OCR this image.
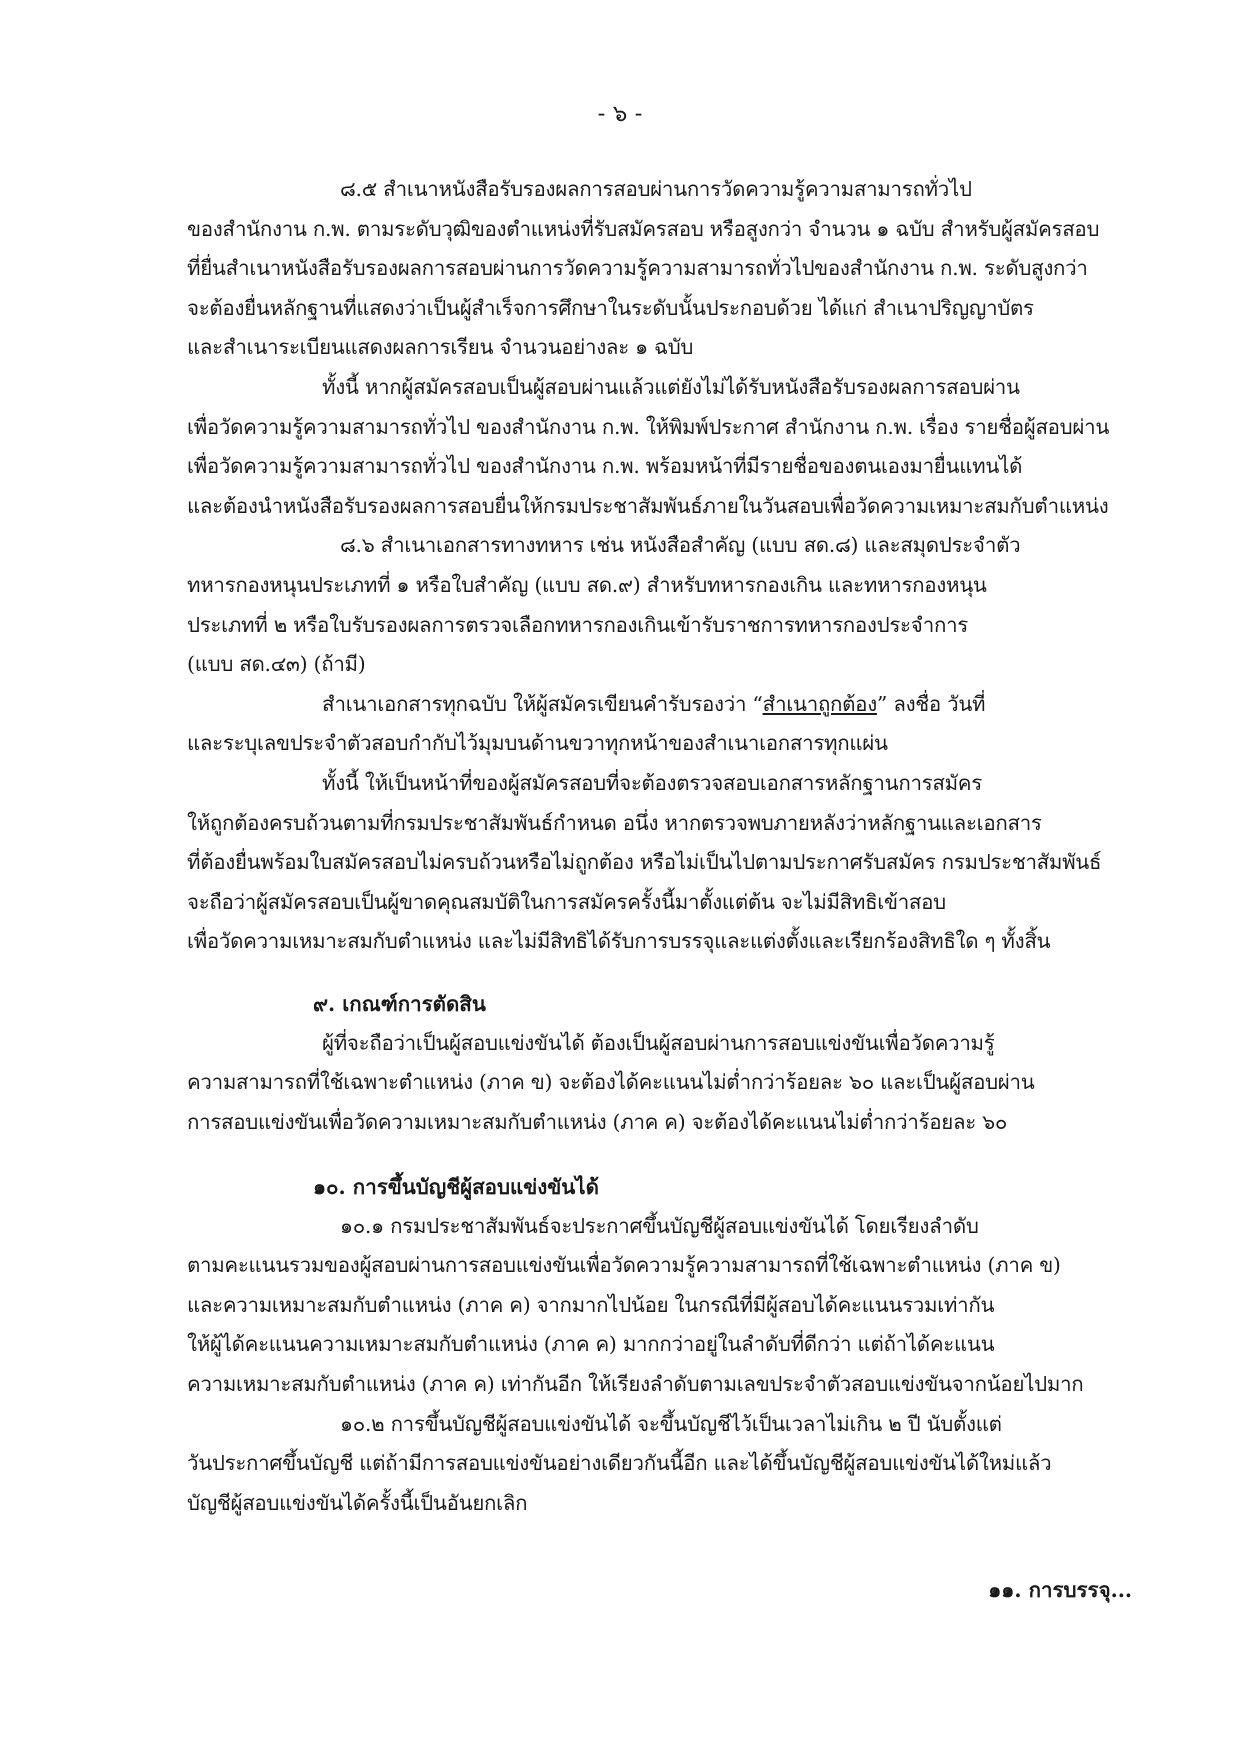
- ๖ -
๘.๕ สำเนาหนังสือรับรองผลการสอบผ่านการวัดความรู้ความสามารถทั่วไป
ของสำนักงาน ก.พ. ตามระดับวุฒิของตำแหน่งที่รับสมัครสอบ หรือสูงกว่า จำนวน ๑ ฉบับ สำหรับผู้สมัครสอบ
ที่ยื่นสำเนาหนังสือรับรองผลการสอบผ่านการวัดความรู้ความสามารถทั่วไปของสำนักงาน ก.พ. ระดับสูงกว่า
จะต้องยื่นหลักฐานที่แสดงว่าเป็นผู้สำเร็จการศึกษาในระดับนั้นประกอบด้วย ได้แก่ สำเนาปริญญาบัตร
และสำเนาระเบียนแสดงผลการเรียน จำนวนอย่างละ ๑ ฉบับ
ทั้งนี้ หากผู้สมัครสอบเป็นผู้สอบผ่านแล้วแต่ยังไม่ได้รับหนังสือรับรองผลการสอบผ่าน
เพื่อวัดความรู้ความสามารถทั่วไป ของสำนักงาน ก.พ. ให้พิมพ์ประกาศ สำนักงาน ก.พ. เรื่อง รายชื่อผู้สอบผ่าน
เพื่อวัดความรู้ความสามารถทั่วไป ของสำนักงาน ก.พ. พร้อมหน้าที่มีรายชื่อของตนเองมายื่นแทนได้
และต้องนำหนังสือรับรองผลการสอบยื่นให้กรมประชาสัมพันธ์ภายในวันสอบเพื่อวัดความเหมาะสมกับตำแหน่ง
๘.๖ สำเนาเอกสารทางทหาร เช่น หนังสือสำคัญ (แบบ สด.๘) และสมุดประจำตัว
ทหารกองหนุนประเภทที่ ๑ หรือใบสำคัญ (แบบ สด.๙) สำหรับทหารกองเกิน และทหารกองหนุน
ประเภทที่ ๒ หรือใบรับรองผลการตรวจเลือกทหารกองเกินเข้ารับราชการทหารกองประจำการ
(แบบ สด.๔๓) (ถ้ามี)
สำเนาเอกสารทุกฉบับ ให้ผู้สมัครเขียนคำรับรองว่า “สำเนาถูกต้อง” ลงชื่อ วันที่
และระบุเลขประจำตัวสอบกำกับไว้มุมบนด้านขวาทุกหน้าของสำเนาเอกสารทุกแผ่น
ทั้งนี้ ให้เป็นหน้าที่ของผู้สมัครสอบที่จะต้องตรวจสอบเอกสารหลักฐานการสมัคร
ให้ถูกต้องครบถ้วนตามที่กรมประชาสัมพันธ์กำหนด อนึ่ง หากตรวจพบภายหลังว่าหลักฐานและเอกสาร
ที่ต้องยื่นพร้อมใบสมัครสอบไม่ครบถ้วนหรือไม่ถูกต้อง หรือไม่เป็นไปตามประกาศรับสมัคร กรมประชาสัมพันธ์
จะถือว่าผู้สมัครสอบเป็นผู้ขาดคุณสมบัติในการสมัครครั้งนี้มาตั้งแต่ต้น จะไม่มีสิทธิเข้าสอบ
เพื่อวัดความเหมาะสมกับตำแหน่ง และไม่มีสิทธิได้รับการบรรจุและแต่งตั้งและเรียกร้องสิทธิใด ๆ ทั้งสิ้น
๙. เกณฑ์การตัดสิน
ผู้ที่จะถือว่าเป็นผู้สอบแข่งขันได้ ต้องเป็นผู้สอบผ่านการสอบแข่งขันเพื่อวัดความรู้
ความสามารถที่ใช้เฉพาะตำแหน่ง (ภาค ข) จะต้องได้คะแนนไม่ต่ำกว่าร้อยละ ๖๐ และเป็นผู้สอบผ่าน
การสอบแข่งขันเพื่อวัดความเหมาะสมกับตำแหน่ง (ภาค ค) จะต้องได้คะแนนไม่ต่ำกว่าร้อยละ ๖๐
๑๐. การขึ้นบัญชีผู้สอบแข่งขันได้
๑๐.๑ กรมประชาสัมพันธ์จะประกาศขึ้นบัญชีผู้สอบแข่งขันได้ โดยเรียงลำดับ
ตามคะแนนรวมของผู้สอบผ่านการสอบแข่งขันเพื่อวัดความรู้ความสามารถที่ใช้เฉพาะตำแหน่ง (ภาค ข)
และความเหมาะสมกับตำแหน่ง (ภาค ค) จากมากไปน้อย ในกรณีที่มีผู้สอบได้คะแนนรวมเท่ากัน
ให้ผู้ได้คะแนนความเหมาะสมกับตำแหน่ง (ภาค ค) มากกว่าอยู่ในลำดับที่ดีกว่า แต่ถ้าได้คะแนน
ความเหมาะสมกับตำแหน่ง (ภาค ค) เท่ากันอีก ให้เรียงลำดับตามเลขประจำตัวสอบแข่งขันจากน้อยไปมาก
๑๐.๒ การขึ้นบัญชีผู้สอบแข่งขันได้ จะขึ้นบัญชีไว้เป็นเวลาไม่เกิน ๒ ปี นับตั้งแต่
วันประกาศขึ้นบัญชี แต่ถ้ามีการสอบแข่งขันอย่างเดียวกันนี้อีก และได้ขึ้นบัญชีผู้สอบแข่งขันได้ใหม่แล้ว
บัญชีผู้สอบแข่งขันได้ครั้งนี้เป็นอันยกเลิก
๑๑. การบรรจุ...
